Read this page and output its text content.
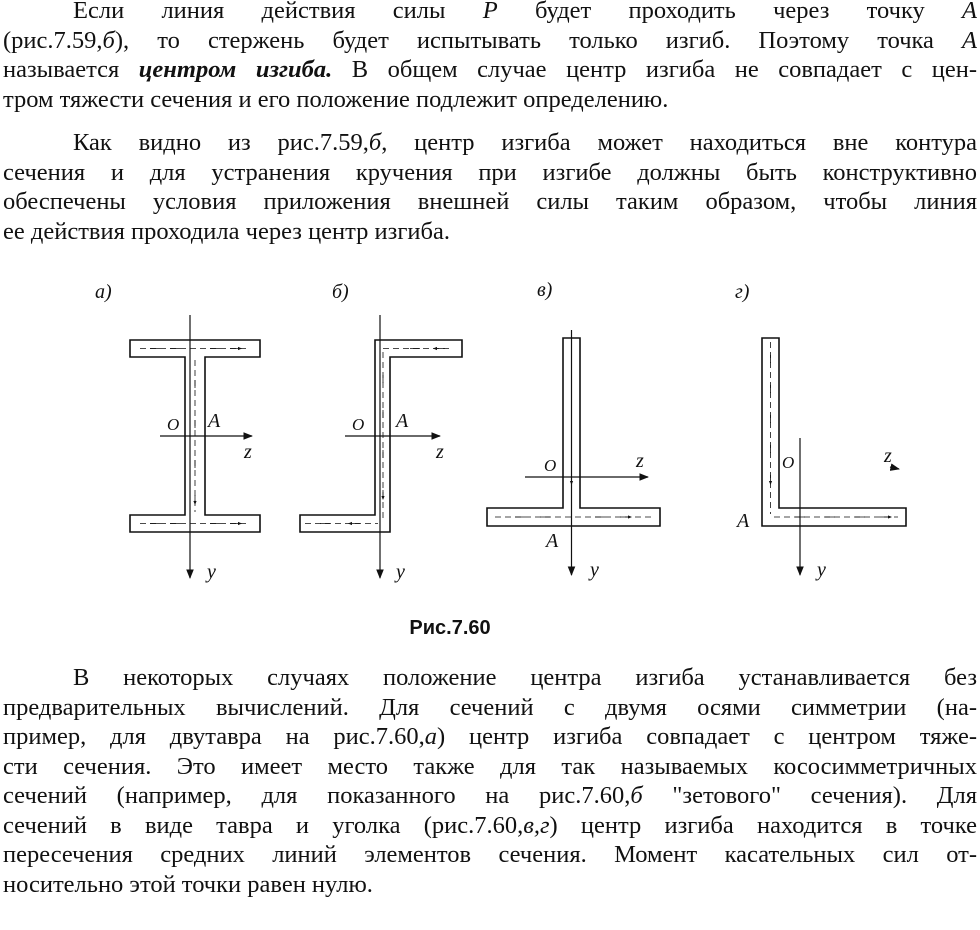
Если линия действия силы P будет проходить через точку A
(рис.7.59,б), то стержень будет испытывать только изгиб. Поэтому точка A
называется центром изгиба. В общем случае центр изгиба не совпадает с цен-
тром тяжести сечения и его положение подлежит определению.
Как видно из рис.7.59,б, центр изгиба может находиться вне контура
сечения и для устранения кручения при изгибе должны быть конструктивно
обеспечены условия приложения внешней силы таким образом, чтобы линия
ее действия проходила через центр изгиба.
а)
O A
z
y
б)
O A
z
y
в)
O
A
z
y
г)
O
A
z
y
Рис.7.60
В некоторых случаях положение центра изгиба устанавливается без
предварительных вычислений. Для сечений с двумя осями симметрии (на-
пример, для двутавра на рис.7.60,а) центр изгиба совпадает с центром тяже-
сти сечения. Это имеет место также для так называемых кососимметричных
сечений (например, для показанного на рис.7.60,б "зетового" сечения). Для
сечений в виде тавра и уголка (рис.7.60,в,г) центр изгиба находится в точке
пересечения средних линий элементов сечения. Момент касательных сил от-
носительно этой точки равен нулю.
